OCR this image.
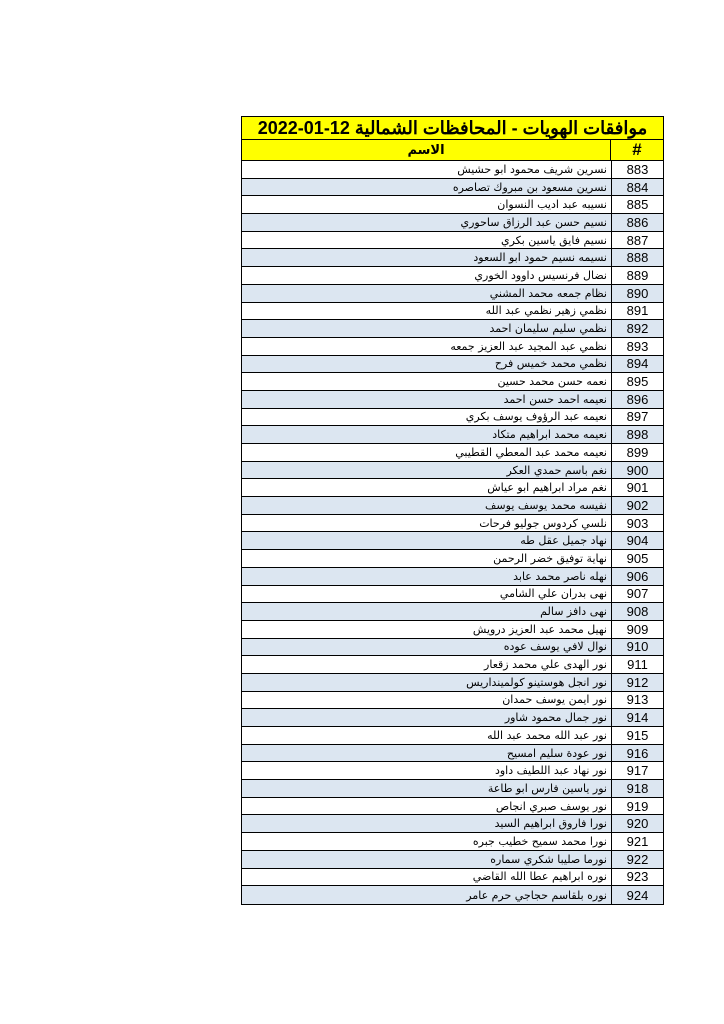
موافقات الهويات - المحافظات الشمالية 12-01-2022
#
الاسم
883
نسرين شريف محمود ابو حشيش
884
نسرين مسعود بن مبروك تصاصره
885
نسيبه عبد اديب النسوان
886
نسيم حسن عبد الرزاق ساحوري
887
نسيم فايق ياسين بكري
888
نسيمه نسيم حمود ابو السعود
889
نضال فرنسيس داوود الخوري
890
نظام جمعه محمد المشني
891
نظمي زهير نظمي عبد الله
892
نظمي سليم سليمان احمد
893
نظمي عبد المجيد عبد العزيز جمعه
894
نظمي محمد خميس فرح
895
نعمه حسن محمد حسين
896
نعيمه احمد حسن احمد
897
نعيمه عبد الرؤوف يوسف بكري
898
نعيمه محمد ابراهيم متكاد
899
نعيمه محمد عبد المعطي القطيبي
900
نغم باسم حمدي العكر
901
نغم مراد ابراهيم ابو عياش
902
نفيسه محمد يوسف يوسف
903
نلسي كردوس جوليو فرحات
904
نهاد جميل عقل طه
905
نهاية توفيق خضر الرحمن
906
نهله ناصر محمد عابد
907
نهى بدران علي الشامي
908
نهى دافز سالم
909
نهيل محمد عبد العزيز درويش
910
نوال لافي يوسف عوده
911
نور الهدى علي محمد زقعار
912
نور انجل هوستينو كولمينداريس
913
نور ايمن يوسف حمدان
914
نور جمال محمود شاور
915
نور عبد الله محمد عبد الله
916
نور عودة سليم امسيح
917
نور نهاد عبد اللطيف داود
918
نور ياسين فارس ابو طاعة
919
نور يوسف صبري انجاص
920
نورا فاروق ابراهيم السيد
921
نورا محمد سميح خطيب جبره
922
نورما صليبا شكري سماره
923
نوره ابراهيم عطا الله القاضي
924
نوره بلقاسم حجاجي حرم عامر
